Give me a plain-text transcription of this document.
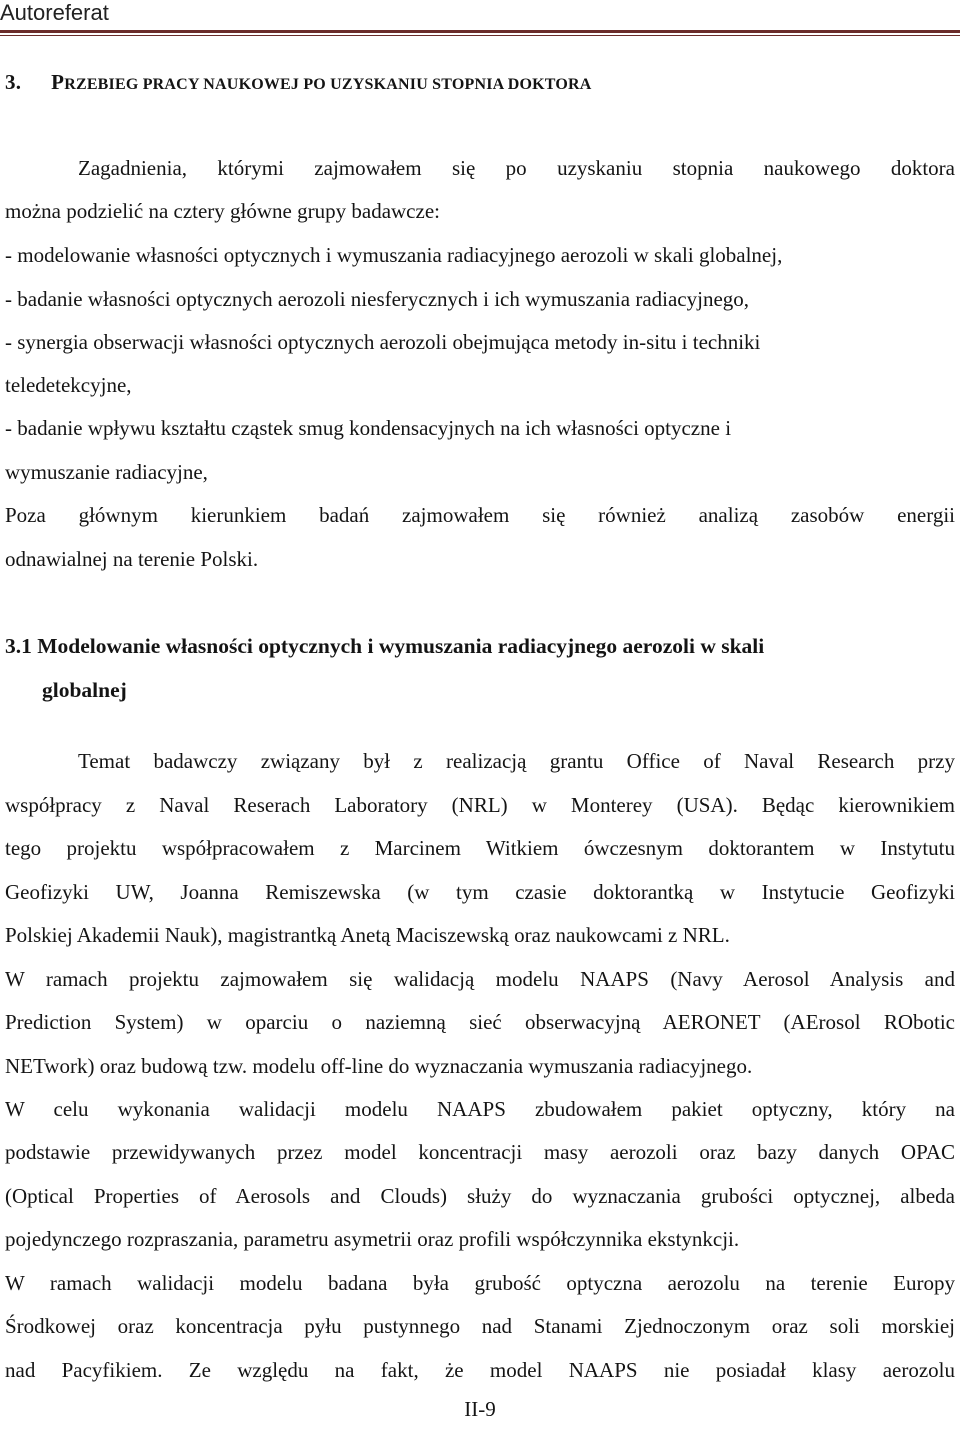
Autoreferat
3. PRZEBIEG PRACY NAUKOWEJ PO UZYSKANIU STOPNIA DOKTORA
Zagadnienia, którymi zajmowałem się po uzyskaniu stopnia naukowego doktora
można podzielić na cztery główne grupy badawcze:
- modelowanie własności optycznych i wymuszania radiacyjnego aerozoli w skali globalnej,
- badanie własności optycznych aerozoli niesferycznych i ich wymuszania radiacyjnego,
- synergia obserwacji własności optycznych aerozoli obejmująca metody in-situ i techniki
teledetekcyjne,
- badanie wpływu kształtu cząstek smug kondensacyjnych na ich własności optyczne i
wymuszanie radiacyjne,
Poza głównym kierunkiem badań zajmowałem się również analizą zasobów energii
odnawialnej na terenie Polski.
3.1 Modelowanie własności optycznych i wymuszania radiacyjnego aerozoli w skali
globalnej
Temat badawczy związany był z realizacją grantu Office of Naval Research przy
współpracy z Naval Reserach Laboratory (NRL) w Monterey (USA). Będąc kierownikiem
tego projektu współpracowałem z Marcinem Witkiem ówczesnym doktorantem w Instytutu
Geofizyki UW, Joanna Remiszewska (w tym czasie doktorantką w Instytucie Geofizyki
Polskiej Akademii Nauk), magistrantką Anetą Maciszewską oraz naukowcami z NRL.
W ramach projektu zajmowałem się walidacją modelu NAAPS (Navy Aerosol Analysis and
Prediction System) w oparciu o naziemną sieć obserwacyjną AERONET (AErosol RObotic
NETwork) oraz budową tzw. modelu off-line do wyznaczania wymuszania radiacyjnego.
W celu wykonania walidacji modelu NAAPS zbudowałem pakiet optyczny, który na
podstawie przewidywanych przez model koncentracji masy aerozoli oraz bazy danych OPAC
(Optical Properties of Aerosols and Clouds) służy do wyznaczania grubości optycznej, albeda
pojedynczego rozpraszania, parametru asymetrii oraz profili współczynnika ekstynkcji.
W ramach walidacji modelu badana była grubość optyczna aerozolu na terenie Europy
Środkowej oraz koncentracja pyłu pustynnego nad Stanami Zjednoczonym oraz soli morskiej
nad Pacyfikiem. Ze względu na fakt, że model NAAPS nie posiadał klasy aerozolu
II-9
